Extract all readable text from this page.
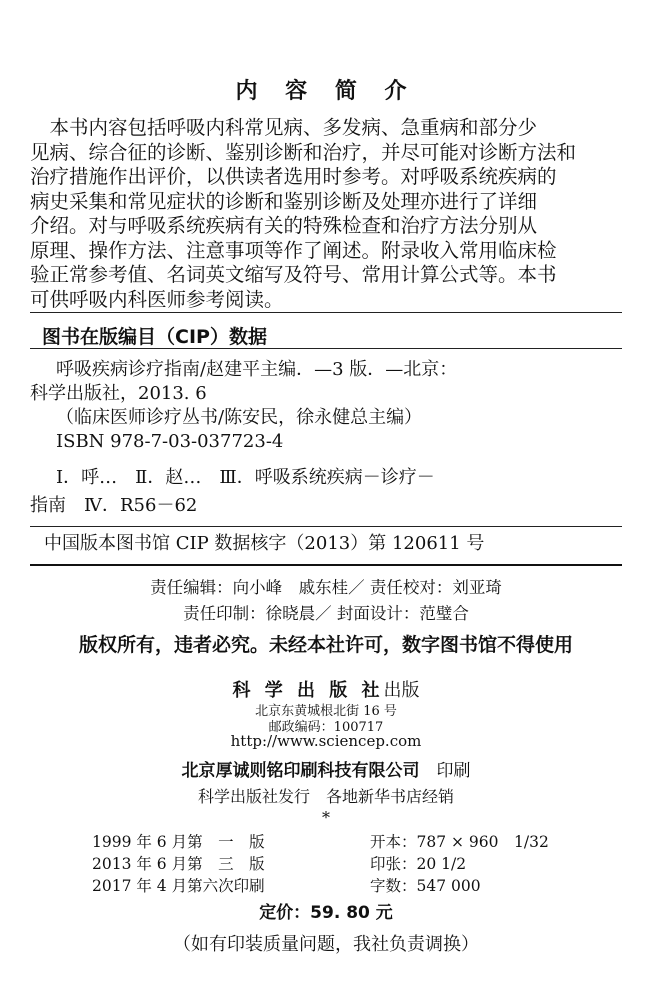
内 容 简 介
　本书内容包括呼吸内科常见病、多发病、急重病和部分少
见病、综合征的诊断、鉴别诊断和治疗，并尽可能对诊断方法和
治疗措施作出评价，以供读者选用时参考。对呼吸系统疾病的
病史采集和常见症状的诊断和鉴别诊断及处理亦进行了详细
介绍。对与呼吸系统疾病有关的特殊检查和治疗方法分别从
原理、操作方法、注意事项等作了阐述。附录收入常用临床检
验正常参考值、名词英文缩写及符号、常用计算公式等。本书
可供呼吸内科医师参考阅读。
图书在版编目（CIP）数据
呼吸疾病诊疗指南/赵建平主编．—3 版．—北京：
科学出版社，2013. 6
（临床医师诊疗丛书/陈安民，徐永健总主编）
ISBN 978-7-03-037723-4
Ⅰ．呼…　Ⅱ．赵…　Ⅲ．呼吸系统疾病－诊疗－
指南　Ⅳ．R56－62
中国版本图书馆 CIP 数据核字（2013）第 120611 号
责任编辑：向小峰　戚东桂／ 责任校对：刘亚琦
责任印制：徐晓晨／ 封面设计：范璧合
版权所有，违者必究。未经本社许可，数字图书馆不得使用
科 学 出 版 社出版
北京东黄城根北街 16 号
邮政编码：100717
http://www.sciencep.com
北京厚诚则铭印刷科技有限公司　 印刷
科学出版社发行　各地新华书店经销
*
1999 年 6 月第　一　版	开本：787 × 960　1/32
2013 年 6 月第　三　版	印张：20 1/2
2017 年 4 月第六次印刷	字数：547 000
定价：59. 80 元
（如有印装质量问题，我社负责调换）
